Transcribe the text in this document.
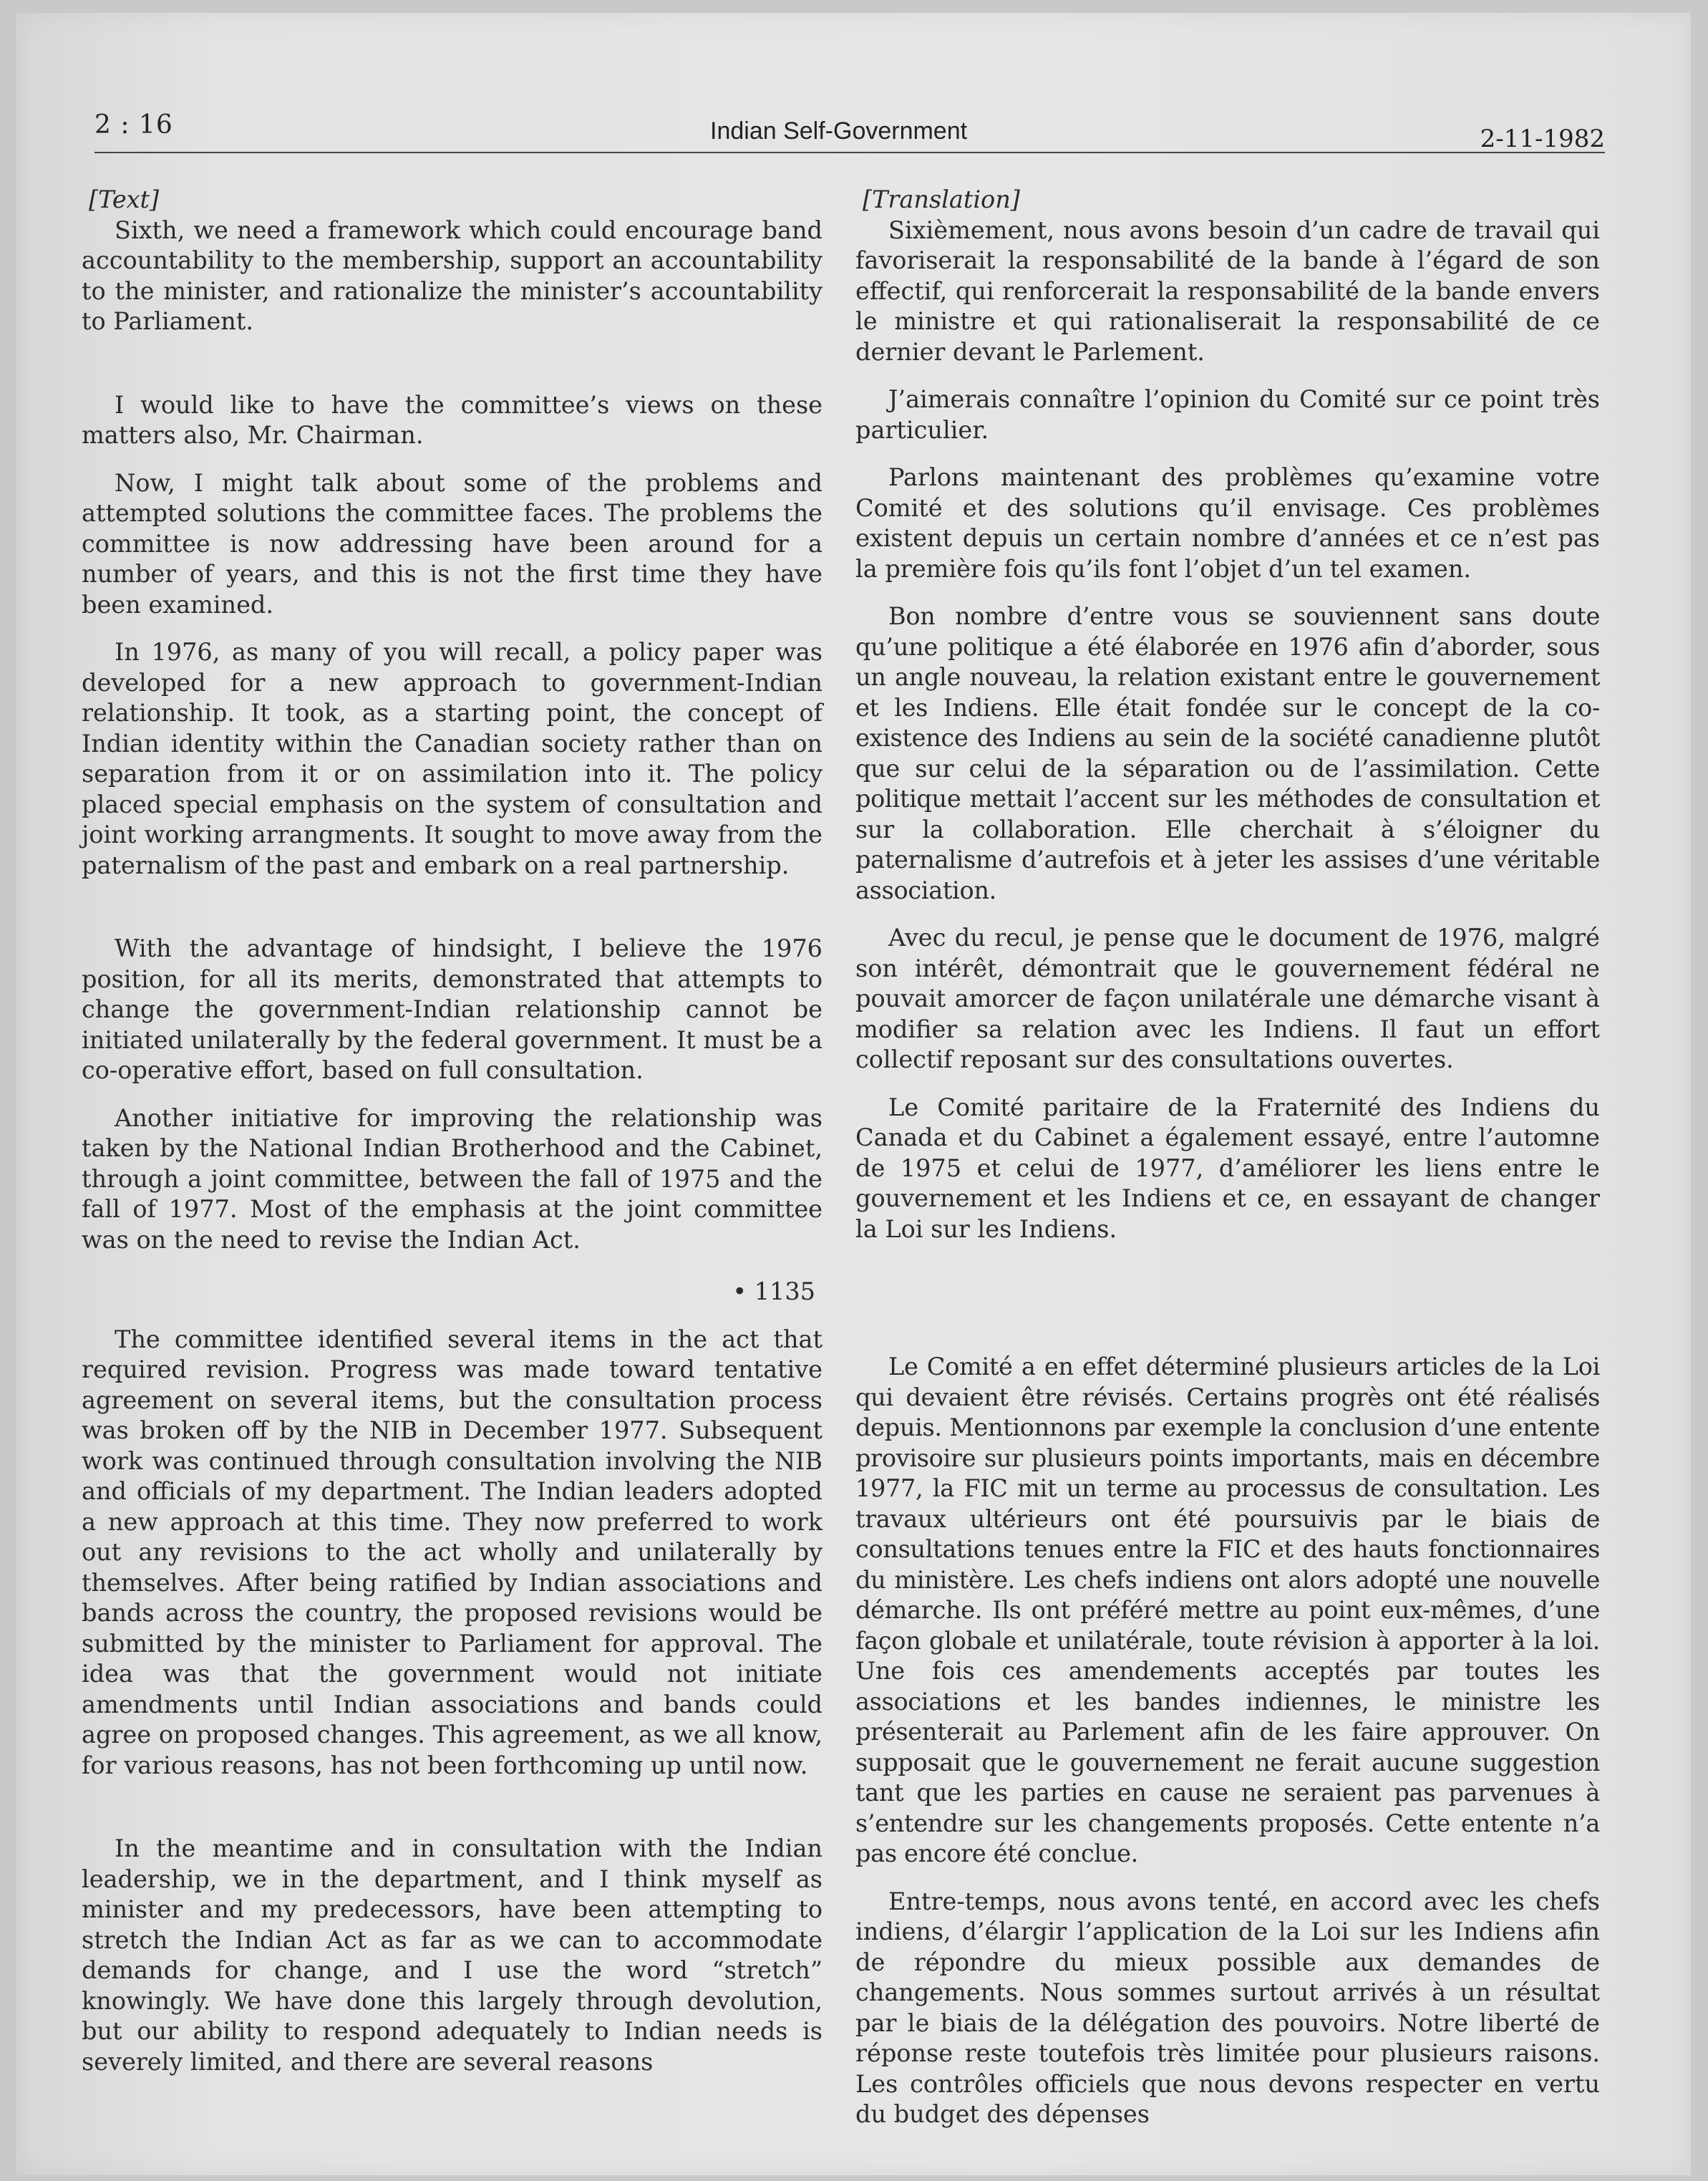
2 : 16	Indian Self-Government	2-11-1982

[Text]

Sixth, we need a framework which could encourage band accountability to the membership, support an accountability to the minister, and rationalize the minister’s accountability to Parliament.

I would like to have the committee’s views on these matters also, Mr. Chairman.

Now, I might talk about some of the problems and attempted solutions the committee faces. The problems the committee is now addressing have been around for a number of years, and this is not the first time they have been examined.

In 1976, as many of you will recall, a policy paper was developed for a new approach to government-Indian relationship. It took, as a starting point, the concept of Indian identity within the Canadian society rather than on separation from it or on assimilation into it. The policy placed special emphasis on the system of consultation and joint working arrangments. It sought to move away from the paternalism of the past and embark on a real partnership.

With the advantage of hindsight, I believe the 1976 position, for all its merits, demonstrated that attempts to change the government-Indian relationship cannot be initiated unilaterally by the federal government. It must be a co-operative effort, based on full consultation.

Another initiative for improving the relationship was taken by the National Indian Brotherhood and the Cabinet, through a joint committee, between the fall of 1975 and the fall of 1977. Most of the emphasis at the joint committee was on the need to revise the Indian Act.

• 1135

The committee identified several items in the act that required revision. Progress was made toward tentative agreement on several items, but the consultation process was broken off by the NIB in December 1977. Subsequent work was continued through consultation involving the NIB and officials of my department. The Indian leaders adopted a new approach at this time. They now preferred to work out any revisions to the act wholly and unilaterally by themselves. After being ratified by Indian associations and bands across the country, the proposed revisions would be submitted by the minister to Parliament for approval. The idea was that the government would not initiate amendments until Indian associations and bands could agree on proposed changes. This agreement, as we all know, for various reasons, has not been forthcoming up until now.

In the meantime and in consultation with the Indian leadership, we in the department, and I think myself as minister and my predecessors, have been attempting to stretch the Indian Act as far as we can to accommodate demands for change, and I use the word “stretch” knowingly. We have done this largely through devolution, but our ability to respond adequately to Indian needs is severely limited, and there are several reasons

[Translation]

Sixièmement, nous avons besoin d’un cadre de travail qui favoriserait la responsabilité de la bande à l’égard de son effectif, qui renforcerait la responsabilité de la bande envers le ministre et qui rationaliserait la responsabilité de ce dernier devant le Parlement.

J’aimerais connaître l’opinion du Comité sur ce point très particulier.

Parlons maintenant des problèmes qu’examine votre Comité et des solutions qu’il envisage. Ces problèmes existent depuis un certain nombre d’années et ce n’est pas la première fois qu’ils font l’objet d’un tel examen.

Bon nombre d’entre vous se souviennent sans doute qu’une politique a été élaborée en 1976 afin d’aborder, sous un angle nouveau, la relation existant entre le gouvernement et les Indiens. Elle était fondée sur le concept de la co-existence des Indiens au sein de la société canadienne plutôt que sur celui de la séparation ou de l’assimilation. Cette politique mettait l’accent sur les méthodes de consultation et sur la collaboration. Elle cherchait à s’éloigner du paternalisme d’autrefois et à jeter les assises d’une véritable association.

Avec du recul, je pense que le document de 1976, malgré son intérêt, démontrait que le gouvernement fédéral ne pouvait amorcer de façon unilatérale une démarche visant à modifier sa relation avec les Indiens. Il faut un effort collectif reposant sur des consultations ouvertes.

Le Comité paritaire de la Fraternité des Indiens du Canada et du Cabinet a également essayé, entre l’automne de 1975 et celui de 1977, d’améliorer les liens entre le gouvernement et les Indiens et ce, en essayant de changer la Loi sur les Indiens.

Le Comité a en effet déterminé plusieurs articles de la Loi qui devaient être révisés. Certains progrès ont été réalisés depuis. Mentionnons par exemple la conclusion d’une entente provisoire sur plusieurs points importants, mais en décembre 1977, la FIC mit un terme au processus de consultation. Les travaux ultérieurs ont été poursuivis par le biais de consultations tenues entre la FIC et des hauts fonctionnaires du ministère. Les chefs indiens ont alors adopté une nouvelle démarche. Ils ont préféré mettre au point eux-mêmes, d’une façon globale et unilatérale, toute révision à apporter à la loi. Une fois ces amendements acceptés par toutes les associations et les bandes indiennes, le ministre les présenterait au Parlement afin de les faire approuver. On supposait que le gouvernement ne ferait aucune suggestion tant que les parties en cause ne seraient pas parvenues à s’entendre sur les changements proposés. Cette entente n’a pas encore été conclue.

Entre-temps, nous avons tenté, en accord avec les chefs indiens, d’élargir l’application de la Loi sur les Indiens afin de répondre du mieux possible aux demandes de changements. Nous sommes surtout arrivés à un résultat par le biais de la délégation des pouvoirs. Notre liberté de réponse reste toutefois très limitée pour plusieurs raisons. Les contrôles officiels que nous devons respecter en vertu du budget des dépenses
